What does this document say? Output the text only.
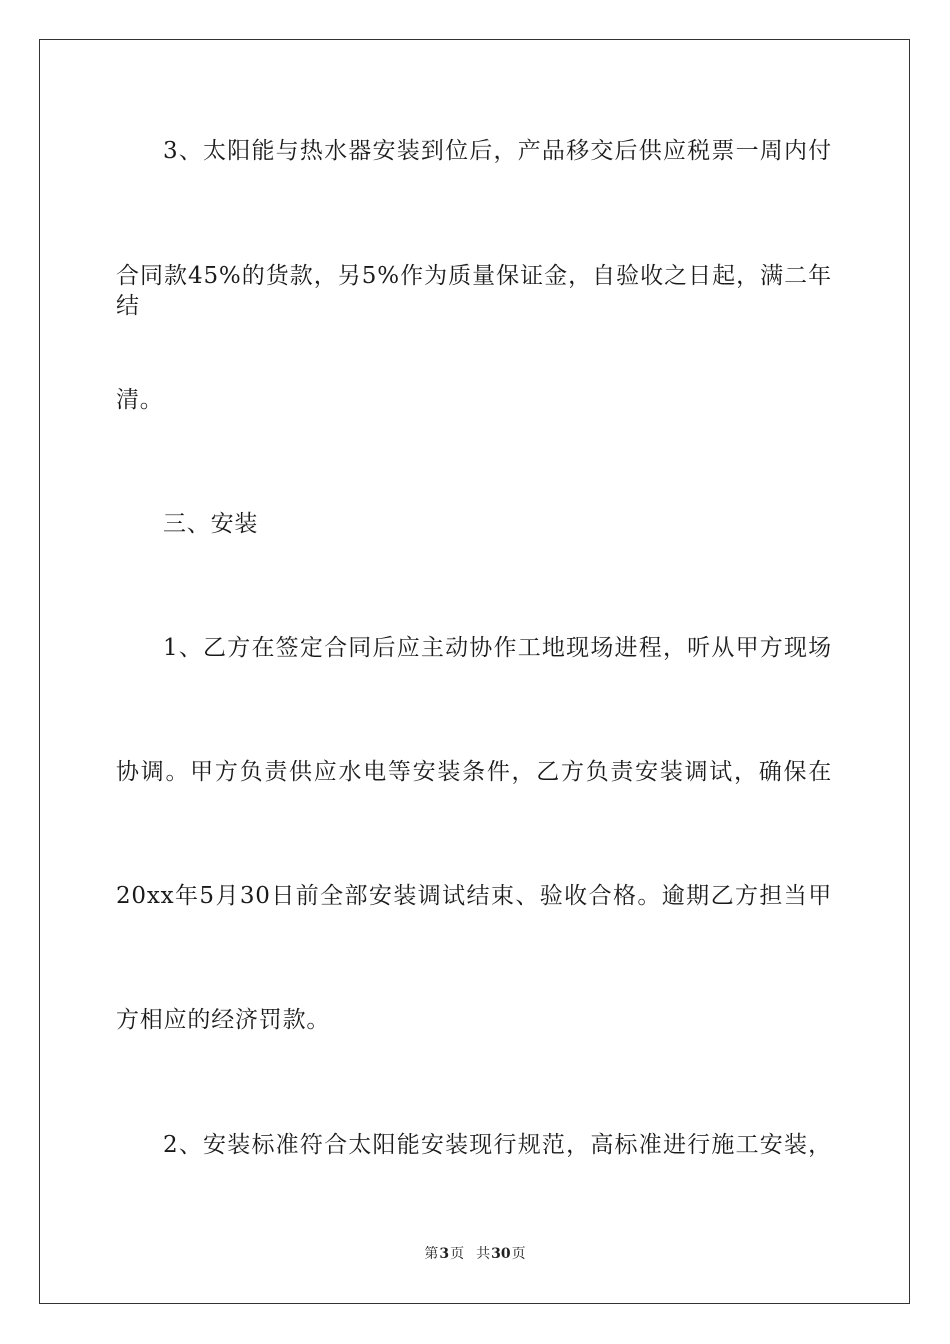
3、太阳能与热水器安装到位后，产品移交后供应税票一周内付
合同款45%的货款，另5%作为质量保证金，自验收之日起，满二年结
清。
三、安装
1、乙方在签定合同后应主动协作工地现场进程，听从甲方现场
协调。甲方负责供应水电等安装条件，乙方负责安装调试，确保在
20xx年5月30日前全部安装调试结束、验收合格。逾期乙方担当甲
方相应的经济罚款。
2、安装标准符合太阳能安装现行规范，高标准进行施工安装，
第3页 共30页
